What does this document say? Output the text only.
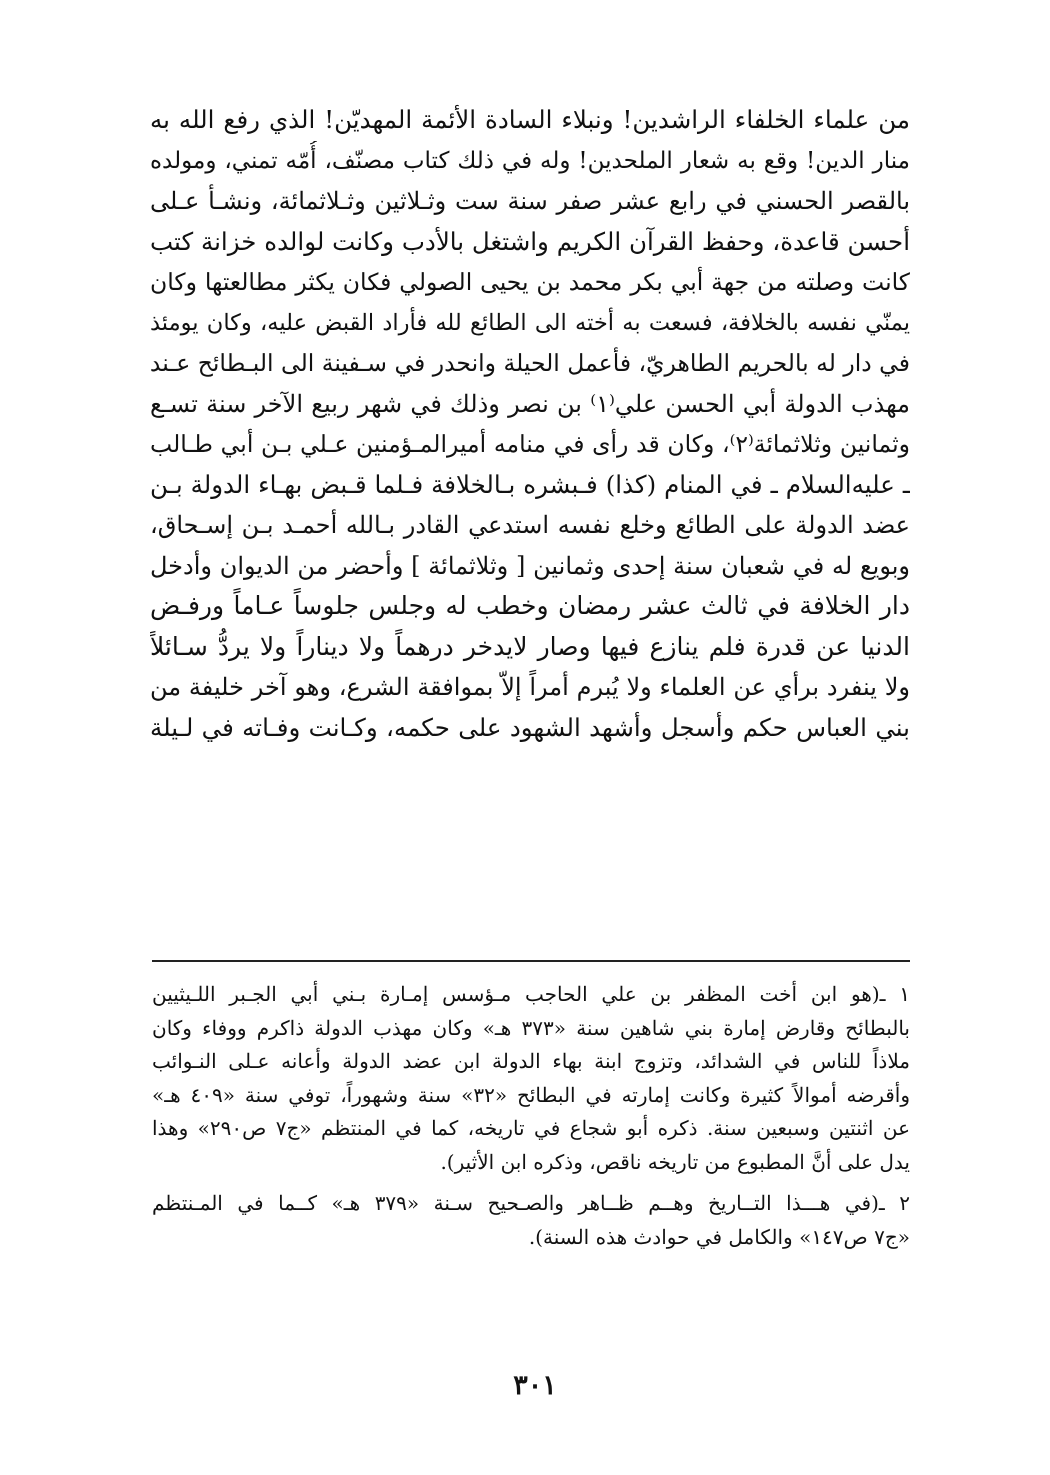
من علماء الخلفاء الراشدين! ونبلاء السادة الأئمة المهديّن! الذي رفع الله به
منار الدين! وقع به شعار الملحدين! وله في ذلك كتاب مصنّف، أُمّه تمني، ومولده
بالقصر الحسني في رابع عشر صفر سنة ست وثـلاثين وثـلاثمائة، ونشـأ عـلى
أحسن قاعدة، وحفظ القرآن الكريم واشتغل بالأدب وكانت لوالده خزانة كتب
كانت وصلته من جهة أبي بكر محمد بن يحيى الصولي فكان يكثر مطالعتها وكان
يمنّي نفسه بالخلافة، فسعت به أخته الى الطائع لله فأراد القبض عليه، وكان يومئذ
في دار له بالحريم الطاهريّ، فأعمل الحيلة وانحدر في سـفينة الى البـطائح عـند
مهذب الدولة أبي الحسن علي⁽١⁾ بن نصر وذلك في شهر ربيع الآخر سنة تسـع
وثمانين وثلاثمائة⁽٢⁾، وكان قد رأى في منامه أميرالمـؤمنين عـلي بـن أبي طـالب
ـ عليه‌السلام ـ في المنام (كذا) فـبشره بـالخلافة فـلما قـبض بهـاء الدولة بـن
عضد الدولة على الطائع وخلع نفسه استدعي القادر بـالله أحمـد بـن إسـحاق،
وبويع له في شعبان سنة إحدى وثمانين [ وثلاثمائة ] وأحضر من الديوان وأدخل
دار الخلافة في ثالث عشر رمضان وخطب له وجلس جلوساً عـاماً ورفـض
الدنيا عن قدرة فلم ينازع فيها وصار لايدخر درهماً ولا ديناراً ولا يردُّ سـائلاً
ولا ينفرد برأي عن العلماء ولا يُبرم أمراً إلاّ بموافقة الشرع، وهو آخر خليفة من
بني العباس حكم وأسجل وأشهد الشهود على حكمه، وكـانت وفـاته في لـيلة
١ ـ(هو ابن أخت المظفر بن علي الحاجب مـؤسس إمـارة بـني أبي الجـبر اللـيثيين
بالبطائح وقارض إمارة بني شاهين سنة «٣٧٣ هـ» وكان مهذب الدولة ذاكرم ووفاء وكان
ملاذاً للناس في الشدائد، وتزوج ابنة بهاء الدولة ابن عضد الدولة وأعانه عـلى النـوائب
وأقرضه أموالاً كثيرة وكانت إمارته في البطائح «٣٢» سنة وشهوراً، توفي سنة «٤٠٩ هـ»
عن اثنتين وسبعين سنة. ذكره أبو شجاع في تاريخه، كما في المنتظم «ج٧ ص٢٩٠» وهذا
يدل على أنَّ المطبوع من تاريخه ناقص، وذكره ابن الأثير).
٢ ـ(في هـــذا التــاريخ وهــم ظــاهر والصـحيح سـنة «٣٧٩ هـ» كــما في المـنتظم
«ج٧ ص١٤٧» والكامل في حوادث هذه السنة).
٣٠١
